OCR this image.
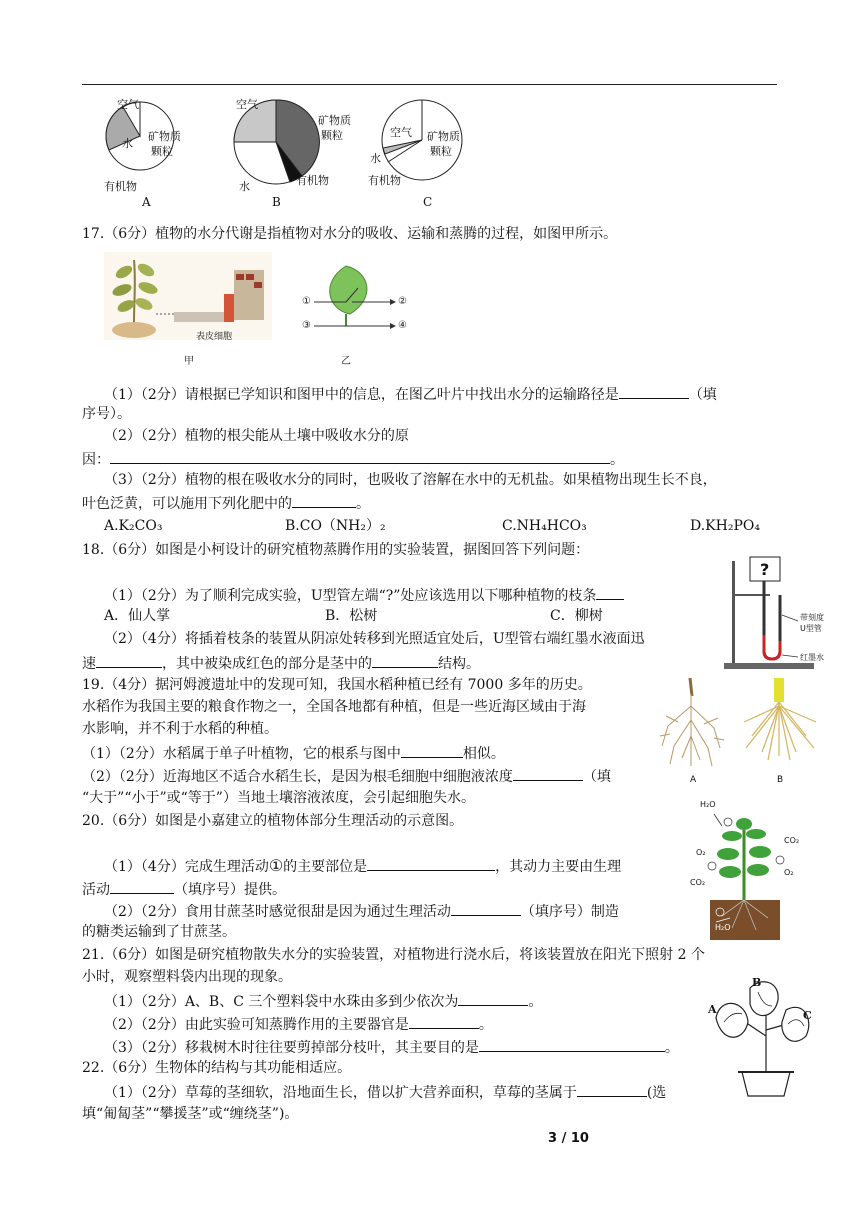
空气
水
矿物质
颗粒
有机物
A
空气
矿物质
颗粒
水	有机物
B
空气 矿物质
颗粒
水
有机物
C
17.（6分）植物的水分代谢是指植物对水分的吸收、运输和蒸腾的过程，如图甲所示。
表皮细胞
甲
①	②
③	④
乙
（1）（2分）请根据已学知识和图甲中的信息，在图乙叶片中找出水分的运输路径是	（填
序号）。
（2）（2分）植物的根尖能从土壤中吸收水分的原
因：	。
（3）（2分）植物的根在吸收水分的同时，也吸收了溶解在水中的无机盐。如果植物出现生长不良，
叶色泛黄，可以施用下列化肥中的	。
A.K₂CO₃	B.CO（NH₂）₂	C.NH₄HCO₃	D.KH₂PO₄
18.（6分）如图是小柯设计的研究植物蒸腾作用的实验装置，据图回答下列问题：
（1）（2分）为了顺利完成实验，U型管左端“?”处应该选用以下哪种植物的枝条
A．仙人掌	B．松树	C．柳树
（2）（4分）将插着枝条的装置从阴凉处转移到光照适宜处后，U型管右端红墨水液面迅
速	，其中被染成红色的部分是茎中的	结构。
?
带刻度
U型管
红墨水
19.（4分）据河姆渡遗址中的发现可知，我国水稻种植已经有 7000 多年的历史。
水稻作为我国主要的粮食作物之一，全国各地都有种植，但是一些近海区域由于海
水影响，并不利于水稻的种植。
（1）（2分）水稻属于单子叶植物，它的根系与图中	相似。
（2）（2分）近海地区不适合水稻生长，是因为根毛细胞中细胞液浓度	（填
“大于”“小于”或“等于”）当地土壤溶液浓度，会引起细胞失水。
A	B
20.（6分）如图是小嘉建立的植物体部分生理活动的示意图。
（1）（4分）完成生理活动①的主要部位是	，其动力主要由生理
活动	（填序号）提供。
（2）（2分）食用甘蔗茎时感觉很甜是因为通过生理活动	（填序号）制造
的糖类运输到了甘蔗茎。
H₂O
O₂
CO₂
O₂
CO₂
H₂O
21.（6分）如图是研究植物散失水分的实验装置，对植物进行浇水后，将该装置放在阳光下照射 2 个
小时，观察塑料袋内出现的现象。
（1）（2分）A、B、C 三个塑料袋中水珠由多到少依次为	。
（2）（2分）由此实验可知蒸腾作用的主要器官是	。
（3）（2分）移栽树木时往往要剪掉部分枝叶，其主要目的是	。
A
B
C
22.（6分）生物体的结构与其功能相适应。
（1）（2分）草莓的茎细软，沿地面生长，借以扩大营养面积，草莓的茎属于	(选
填“匍匐茎”“攀援茎”或“缠绕茎”)。
3 / 10
